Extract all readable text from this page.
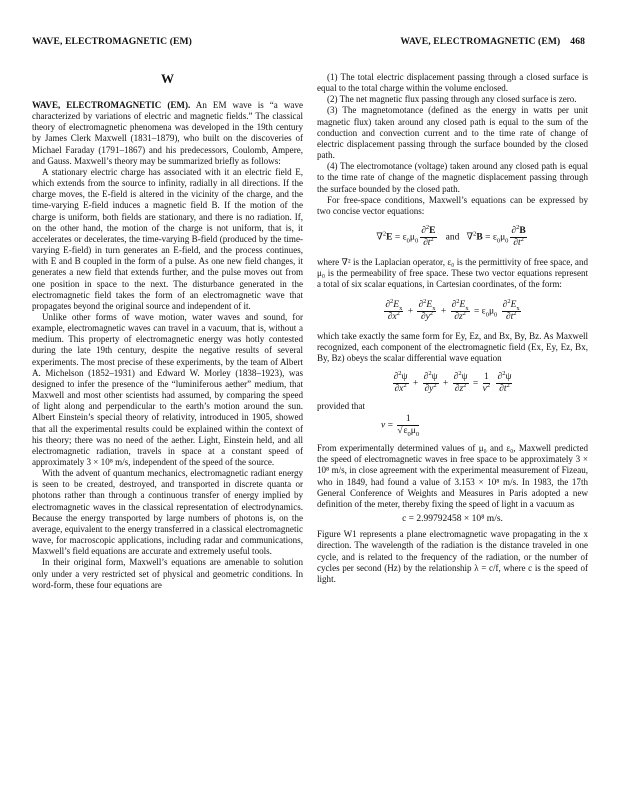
WAVE, ELECTROMAGNETIC (EM)	WAVE, ELECTROMAGNETIC (EM) 468

W

WAVE, ELECTROMAGNETIC (EM). An EM wave is “a wave characterized by variations of electric and magnetic fields.” The classical theory of electromagnetic phenomena was developed in the 19th century by James Clerk Maxwell (1831–1879), who built on the discoveries of Michael Faraday (1791–1867) and his predecessors, Coulomb, Ampere, and Gauss. Maxwell’s theory may be summarized briefly as follows:

A stationary electric charge has associated with it an electric field E, which extends from the source to infinity, radially in all directions. If the charge moves, the E-field is altered in the vicinity of the charge, and the time-varying E-field induces a magnetic field B. If the motion of the charge is uniform, both fields are stationary, and there is no radiation. If, on the other hand, the motion of the charge is not uniform, that is, it accelerates or decelerates, the time-varying B-field (produced by the time-varying E-field) in turn generates an E-field, and the process continues, with E and B coupled in the form of a pulse. As one new field changes, it generates a new field that extends further, and the pulse moves out from one position in space to the next. The disturbance generated in the electromagnetic field takes the form of an electromagnetic wave that propagates beyond the original source and independent of it.

Unlike other forms of wave motion, water waves and sound, for example, electromagnetic waves can travel in a vacuum, that is, without a medium. This property of electromagnetic energy was hotly contested during the late 19th century, despite the negative results of several experiments. The most precise of these experiments, by the team of Albert A. Michelson (1852–1931) and Edward W. Morley (1838–1923), was designed to infer the presence of the “luminiferous aether” medium, that Maxwell and most other scientists had assumed, by comparing the speed of light along and perpendicular to the earth’s motion around the sun. Albert Einstein’s special theory of relativity, introduced in 1905, showed that all the experimental results could be explained within the context of his theory; there was no need of the aether. Light, Einstein held, and all electromagnetic radiation, travels in space at a constant speed of approximately 3 × 10⁸ m/s, independent of the speed of the source.

With the advent of quantum mechanics, electromagnetic radiant energy is seen to be created, destroyed, and transported in discrete quanta or photons rather than through a continuous transfer of energy implied by electromagnetic waves in the classical representation of electrodynamics. Because the energy transported by large numbers of photons is, on the average, equivalent to the energy transferred in a classical electromagnetic wave, for macroscopic applications, including radar and communications, Maxwell’s field equations are accurate and extremely useful tools.

In their original form, Maxwell’s equations are amenable to solution only under a very restricted set of physical and geometric conditions. In word-form, these four equations are

(1) The total electric displacement passing through a closed surface is equal to the total charge within the volume enclosed.

(2) The net magnetic flux passing through any closed surface is zero.

(3) The magnetomotance (defined as the energy in watts per unit magnetic flux) taken around any closed path is equal to the sum of the conduction and convection current and to the time rate of change of electric displacement passing through the surface bounded by the closed path.

(4) The electromotance (voltage) taken around any closed path is equal to the time rate of change of the magnetic displacement passing through the surface bounded by the closed path.

For free-space conditions, Maxwell’s equations can be expressed by two concise vector equations:

$\nabla^2E = \varepsilon_0\mu_0 \frac{\partial^2E}{\partial t^2}$ and   $\nabla^2B = \varepsilon_0\mu_0 \frac{\partial^2B}{\partial t^2}$

where ∇² is the Laplacian operator, ε₀ is the permittivity of free space, and μ₀ is the permeability of free space. These two vector equations represent a total of six scalar equations, in Cartesian coordinates, of the form:

$\frac{\partial^2E_x}{\partial x^2} + \frac{\partial^2E_x}{\partial y^2} + \frac{\partial^2E_x}{\partial z^2} = \varepsilon_0\mu_0 \frac{\partial^2E_x}{\partial t^2}$

which take exactly the same form for Ey, Ez, and Bx, By, Bz. As Maxwell recognized, each component of the electromagnetic field (Ex, Ey, Ez, Bx, By, Bz) obeys the scalar differential wave equation

$\frac{\partial^2\psi}{\partial x^2} + \frac{\partial^2\psi}{\partial y^2} + \frac{\partial^2\psi}{\partial z^2} = \frac{1}{v^2}$
$\frac{\partial^2\psi}{\partial t^2}$

provided that

$v = \frac{1}{√\varepsilon_0\mu_0}$

From experimentally determined values of μ₀ and ε₀, Maxwell predicted the speed of electromagnetic waves in free space to be approximately 3 × 10⁸ m/s, in close agreement with the experimental measurement of Fizeau, who in 1849, had found a value of 3.153 × 10⁸ m/s. In 1983, the 17th General Conference of Weights and Measures in Paris adopted a new definition of the meter, thereby fixing the speed of light in a vacuum as

c = 2.99792458 × 10⁸ m/s.

Figure W1 represents a plane electromagnetic wave propagating in the x direction. The wavelength of the radiation is the distance traveled in one cycle, and is related to the frequency of the radiation, or the number of cycles per second (Hz) by the relationship λ = c/f, where c is the speed of light.
